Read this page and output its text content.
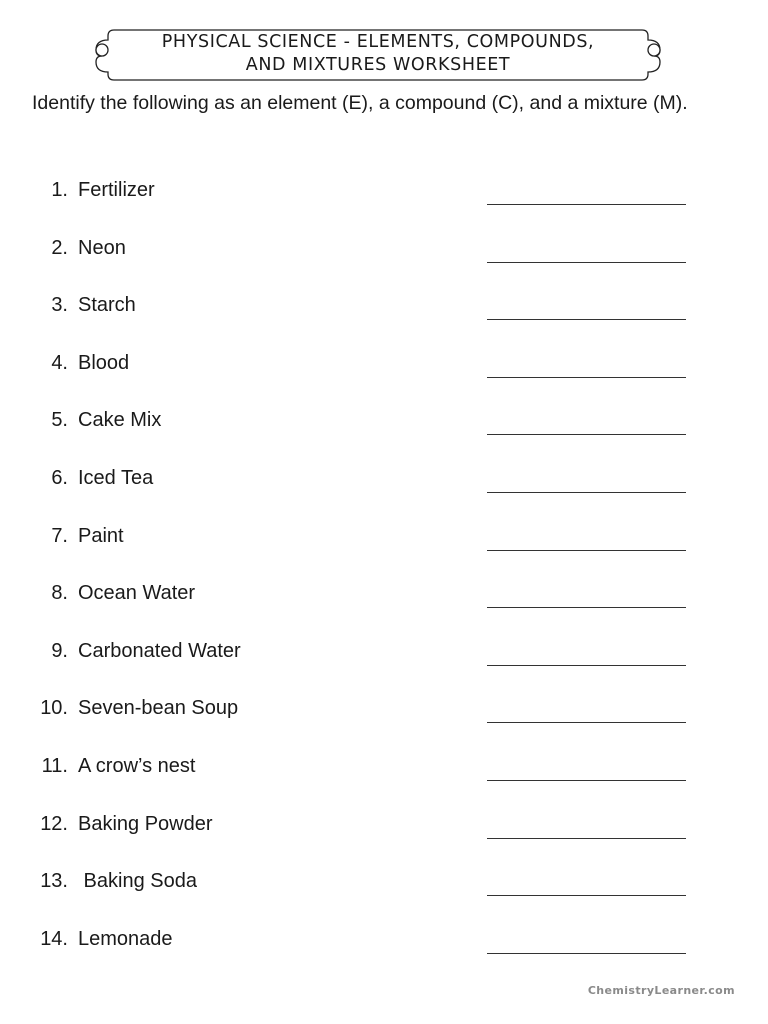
PHYSICAL SCIENCE - ELEMENTS, COMPOUNDS,
AND MIXTURES WORKSHEET
Identify the following as an element (E), a compound (C), and a mixture (M).
1. Fertilizer
2. Neon
3. Starch
4. Blood
5. Cake Mix
6. Iced Tea
7. Paint
8. Ocean Water
9. Carbonated Water
10. Seven-bean Soup
11. A crow’s nest
12. Baking Powder
13. Baking Soda
14. Lemonade
ChemistryLearner.com
